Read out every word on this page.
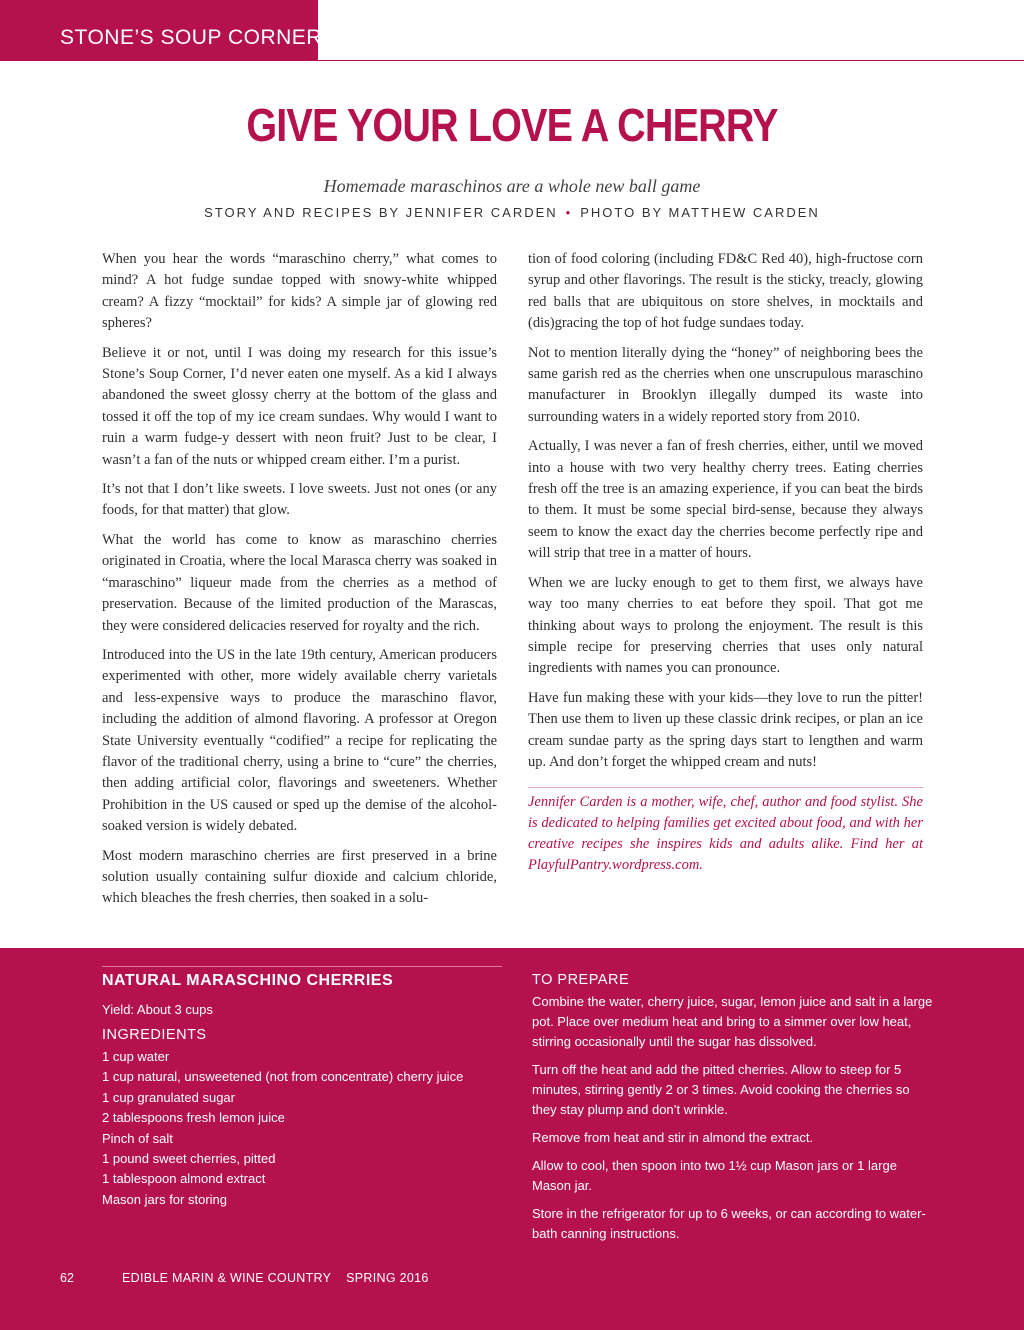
STONE’S SOUP CORNER
GIVE YOUR LOVE A CHERRY
Homemade maraschinos are a whole new ball game
STORY AND RECIPES BY JENNIFER CARDEN • PHOTO BY MATTHEW CARDEN

When you hear the words “maraschino cherry,” what comes to mind? A hot fudge sundae topped with snowy-white whipped cream? A fizzy “mocktail” for kids? A simple jar of glowing red spheres?

Believe it or not, until I was doing my research for this issue’s Stone’s Soup Corner, I’d never eaten one myself. As a kid I always abandoned the sweet glossy cherry at the bottom of the glass and tossed it off the top of my ice cream sundaes. Why would I want to ruin a warm fudge-y dessert with neon fruit? Just to be clear, I wasn’t a fan of the nuts or whipped cream either. I’m a purist.

It’s not that I don’t like sweets. I love sweets. Just not ones (or any foods, for that matter) that glow.

What the world has come to know as maraschino cherries originated in Croatia, where the local Marasca cherry was soaked in “maraschino” liqueur made from the cherries as a method of preservation. Because of the limited production of the Marascas, they were considered delicacies reserved for royalty and the rich.

Introduced into the US in the late 19th century, American producers experimented with other, more widely available cherry varietals and less-expensive ways to produce the maraschino flavor, including the addition of almond flavoring. A professor at Oregon State University eventually “codified” a recipe for replicating the flavor of the traditional cherry, using a brine to “cure” the cherries, then adding artificial color, flavorings and sweeteners. Whether Prohibition in the US caused or sped up the demise of the alcohol-soaked version is widely debated.

Most modern maraschino cherries are first preserved in a brine solution usually containing sulfur dioxide and calcium chloride, which bleaches the fresh cherries, then soaked in a solu-

tion of food coloring (including FD&C Red 40), high-fructose corn syrup and other flavorings. The result is the sticky, treacly, glowing red balls that are ubiquitous on store shelves, in mocktails and (dis)gracing the top of hot fudge sundaes today.

Not to mention literally dying the “honey” of neighboring bees the same garish red as the cherries when one unscrupulous maraschino manufacturer in Brooklyn illegally dumped its waste into surrounding waters in a widely reported story from 2010.

Actually, I was never a fan of fresh cherries, either, until we moved into a house with two very healthy cherry trees. Eating cherries fresh off the tree is an amazing experience, if you can beat the birds to them. It must be some special bird-sense, because they always seem to know the exact day the cherries become perfectly ripe and will strip that tree in a matter of hours.

When we are lucky enough to get to them first, we always have way too many cherries to eat before they spoil. That got me thinking about ways to prolong the enjoyment. The result is this simple recipe for preserving cherries that uses only natural ingredients with names you can pronounce.

Have fun making these with your kids—they love to run the pitter! Then use them to liven up these classic drink recipes, or plan an ice cream sundae party as the spring days start to lengthen and warm up. And don’t forget the whipped cream and nuts!

Jennifer Carden is a mother, wife, chef, author and food stylist. She is dedicated to helping families get excited about food, and with her creative recipes she inspires kids and adults alike. Find her at PlayfulPantry.wordpress.com.

NATURAL MARASCHINO CHERRIES
Yield: About 3 cups
INGREDIENTS
1 cup water
1 cup natural, unsweetened (not from concentrate) cherry juice
1 cup granulated sugar
2 tablespoons fresh lemon juice
Pinch of salt
1 pound sweet cherries, pitted
1 tablespoon almond extract
Mason jars for storing
TO PREPARE

Combine the water, cherry juice, sugar, lemon juice and salt in a large pot. Place over medium heat and bring to a simmer over low heat, stirring occasionally until the sugar has dissolved.

Turn off the heat and add the pitted cherries. Allow to steep for 5 minutes, stirring gently 2 or 3 times. Avoid cooking the cherries so they stay plump and don’t wrinkle.

Remove from heat and stir in almond the extract.

Allow to cool, then spoon into two 1½ cup Mason jars or 1 large Mason jar.

Store in the refrigerator for up to 6 weeks, or can according to water-bath canning instructions.

62	EDIBLE MARIN & WINE COUNTRY    SPRING 2016
